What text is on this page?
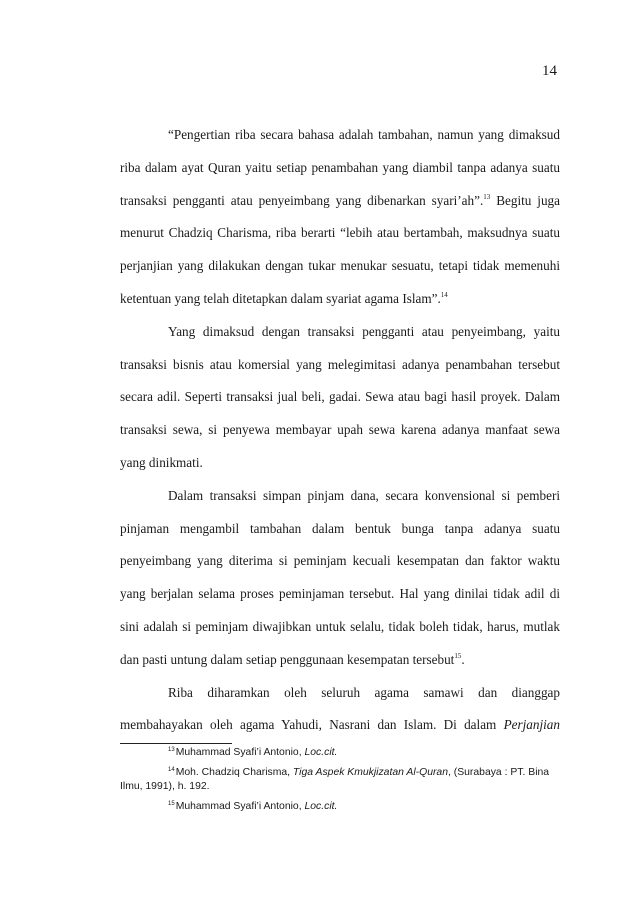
14
“Pengertian riba secara bahasa adalah tambahan, namun yang dimaksud
riba dalam ayat Quran yaitu setiap penambahan yang diambil tanpa adanya suatu
transaksi pengganti atau penyeimbang yang dibenarkan syari’ah”.$^{13}$ Begitu juga
menurut Chadziq Charisma, riba berarti “lebih atau bertambah, maksudnya suatu
perjanjian yang dilakukan dengan tukar menukar sesuatu, tetapi tidak memenuhi
ketentuan yang telah ditetapkan dalam syariat agama Islam”.$^{14}$
Yang dimaksud dengan transaksi pengganti atau penyeimbang, yaitu
transaksi bisnis atau komersial yang melegimitasi adanya penambahan tersebut
secara adil. Seperti transaksi jual beli, gadai. Sewa atau bagi hasil proyek. Dalam
transaksi sewa, si penyewa membayar upah sewa karena adanya manfaat sewa
yang dinikmati.
Dalam transaksi simpan pinjam dana, secara konvensional si pemberi
pinjaman mengambil tambahan dalam bentuk bunga tanpa adanya suatu
penyeimbang yang diterima si peminjam kecuali kesempatan dan faktor waktu
yang berjalan selama proses peminjaman tersebut. Hal yang dinilai tidak adil di
sini adalah si peminjam diwajibkan untuk selalu, tidak boleh tidak, harus, mutlak
dan pasti untung dalam setiap penggunaan kesempatan tersebut$^{15}$.
Riba diharamkan oleh seluruh agama samawi dan dianggap
membahayakan oleh agama Yahudi, Nasrani dan Islam. Di dalam Perjanjian
$^{13}$Muhammad Syafi’i Antonio, Loc.cit.
$^{14}$Moh. Chadziq Charisma, Tiga Aspek Kmukjizatan Al-Quran, (Surabaya : PT. Bina Ilmu, 1991), h. 192.
$^{15}$Muhammad Syafi’i Antonio, Loc.cit.
